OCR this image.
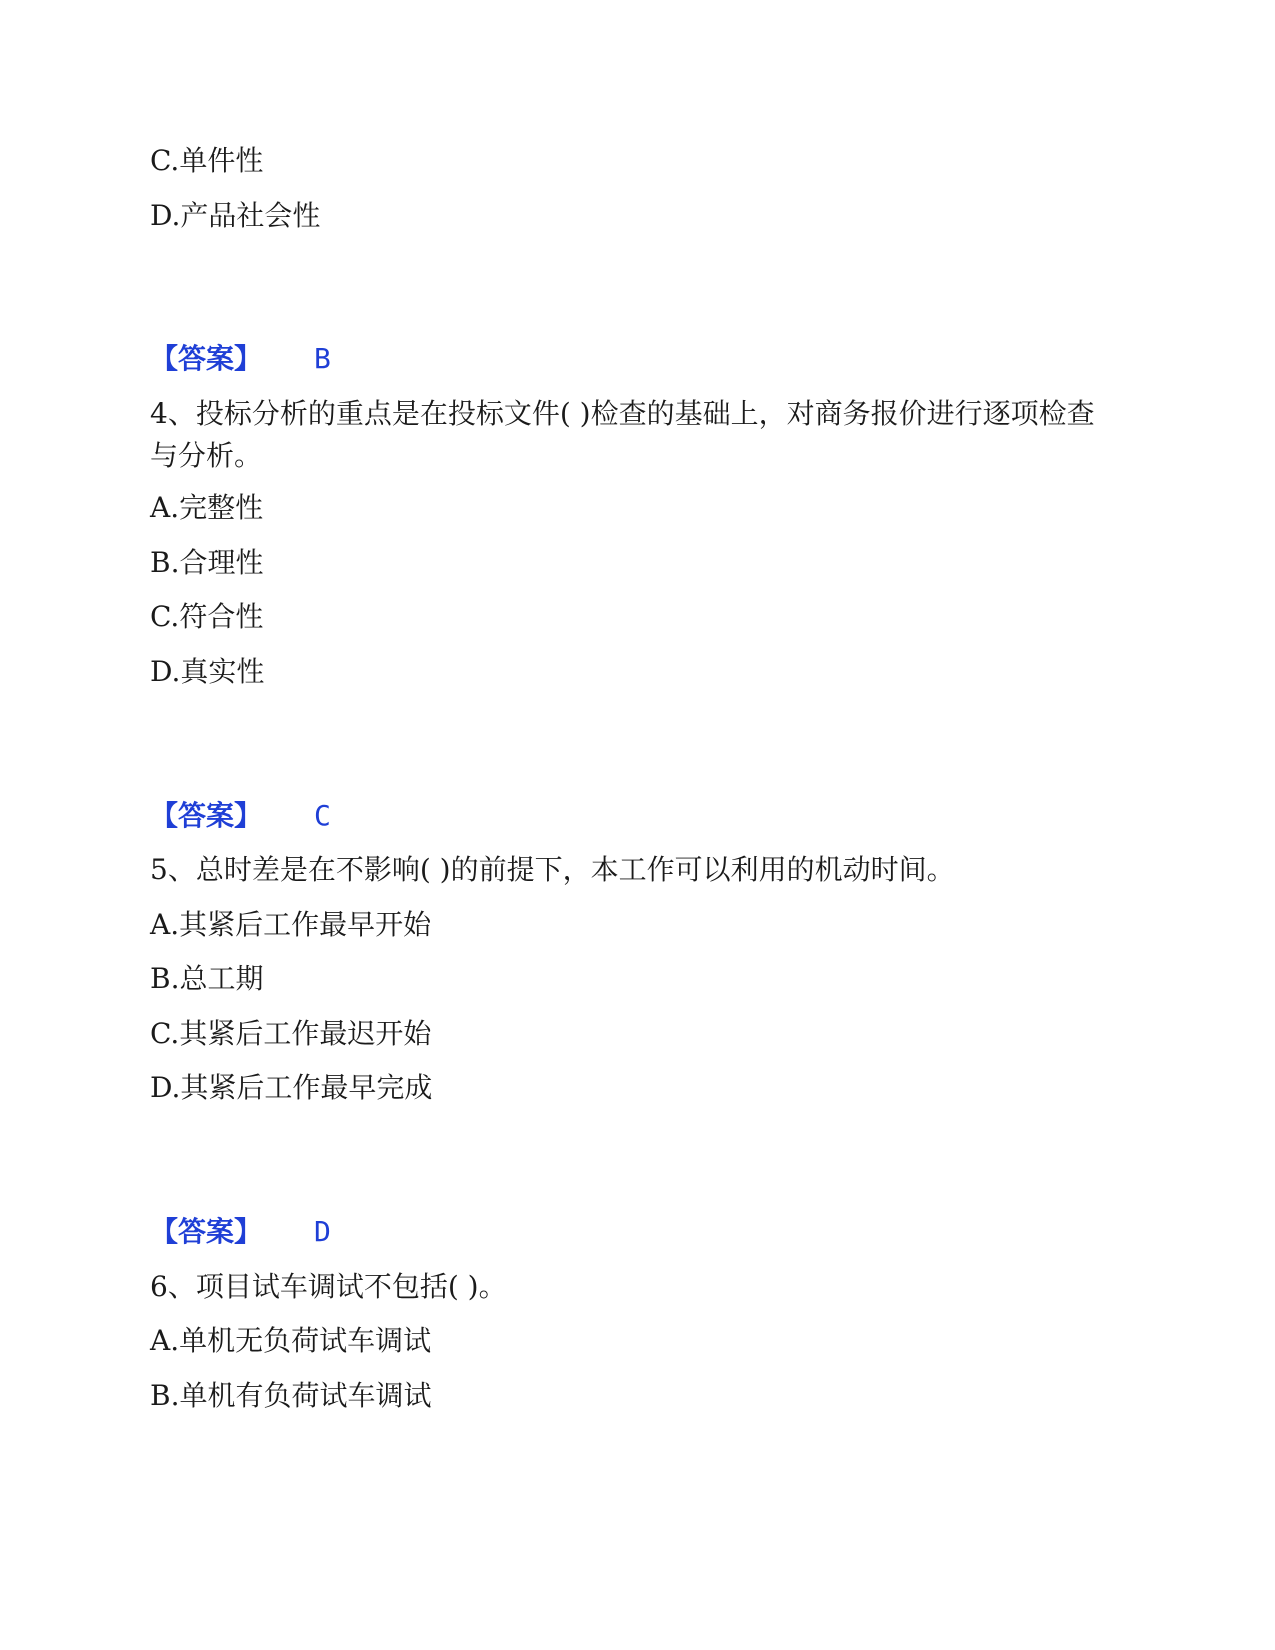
C.单件性
D.产品社会性
【答案】 B
4、投标分析的重点是在投标文件( )检查的基础上，对商务报价进行逐项检查与分析。
A.完整性
B.合理性
C.符合性
D.真实性
【答案】 C
5、总时差是在不影响( )的前提下，本工作可以利用的机动时间。
A.其紧后工作最早开始
B.总工期
C.其紧后工作最迟开始
D.其紧后工作最早完成
【答案】 D
6、项目试车调试不包括( )。
A.单机无负荷试车调试
B.单机有负荷试车调试
